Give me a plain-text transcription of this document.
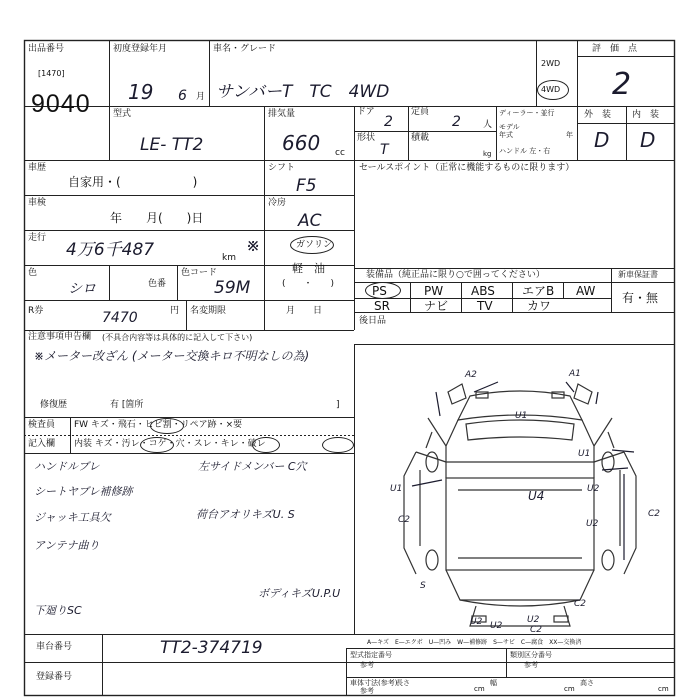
出品番号
[1470]
9040
初度登録年月
19 6 月
車名・グレード
サンバーT　TC　4WD
2WD
4WD
評　価　点
2
型式
LE- TT2
排気量
660 cc
ドア
2
定員
2 人
形状
T
積載
kg
ディーラー・並行
モデル
年式	年
ハンドル 左・右
外　装 内　装
D D
車歴
自家用・(　　　　　　)
シフト
F5
車検
年　　月(　　)日
冷房
AC
走行
4万6千487	km
※	ガソリン
軽　油
(　　・　　)
色
シロ	色番
色コード
59M
R券	7470	円 名変期限	月　　日
セールスポイント（正常に機能するものに限ります）
装備品（純正品に限り○で囲ってください）	新車保証書
有・無
PS	PW ABS エアB AW
SR	ナビ TV	カワ
後日品
注意事項申告欄 (不具合内容等は具体的に記入して下さい)
※メーター改ざん (メーター交換キロ不明なしの為)
修復歴	有 [箇所	]
検査員
記入欄
FW キズ・飛石・ヒビ割・リペア跡・×要
内装 キズ・汚レ・コゲ・穴・スレ・キレ・破レ
ハンドルブレ
シートヤブレ補修跡
ジャッキ工具欠
アンテナ曲り
下廻りSC
左サイドメンバー C穴
荷台アオリキズU. S
ボディキズU.P.U
A2	A1
U1
U1	U4
U1
U2
C2	U2
C2
U2 U2
U2
C2
S
C2
A—キズ　E—エクボ　U—凹み　W—補修跡　S—サビ　C—腐食　XX—交換済
車台番号	TT2-374719
登録番号
型式指定番号
参考
類別区分番号
参考
車体寸法(参考)
参考
長さ
cm
幅
cm
高さ
cm
